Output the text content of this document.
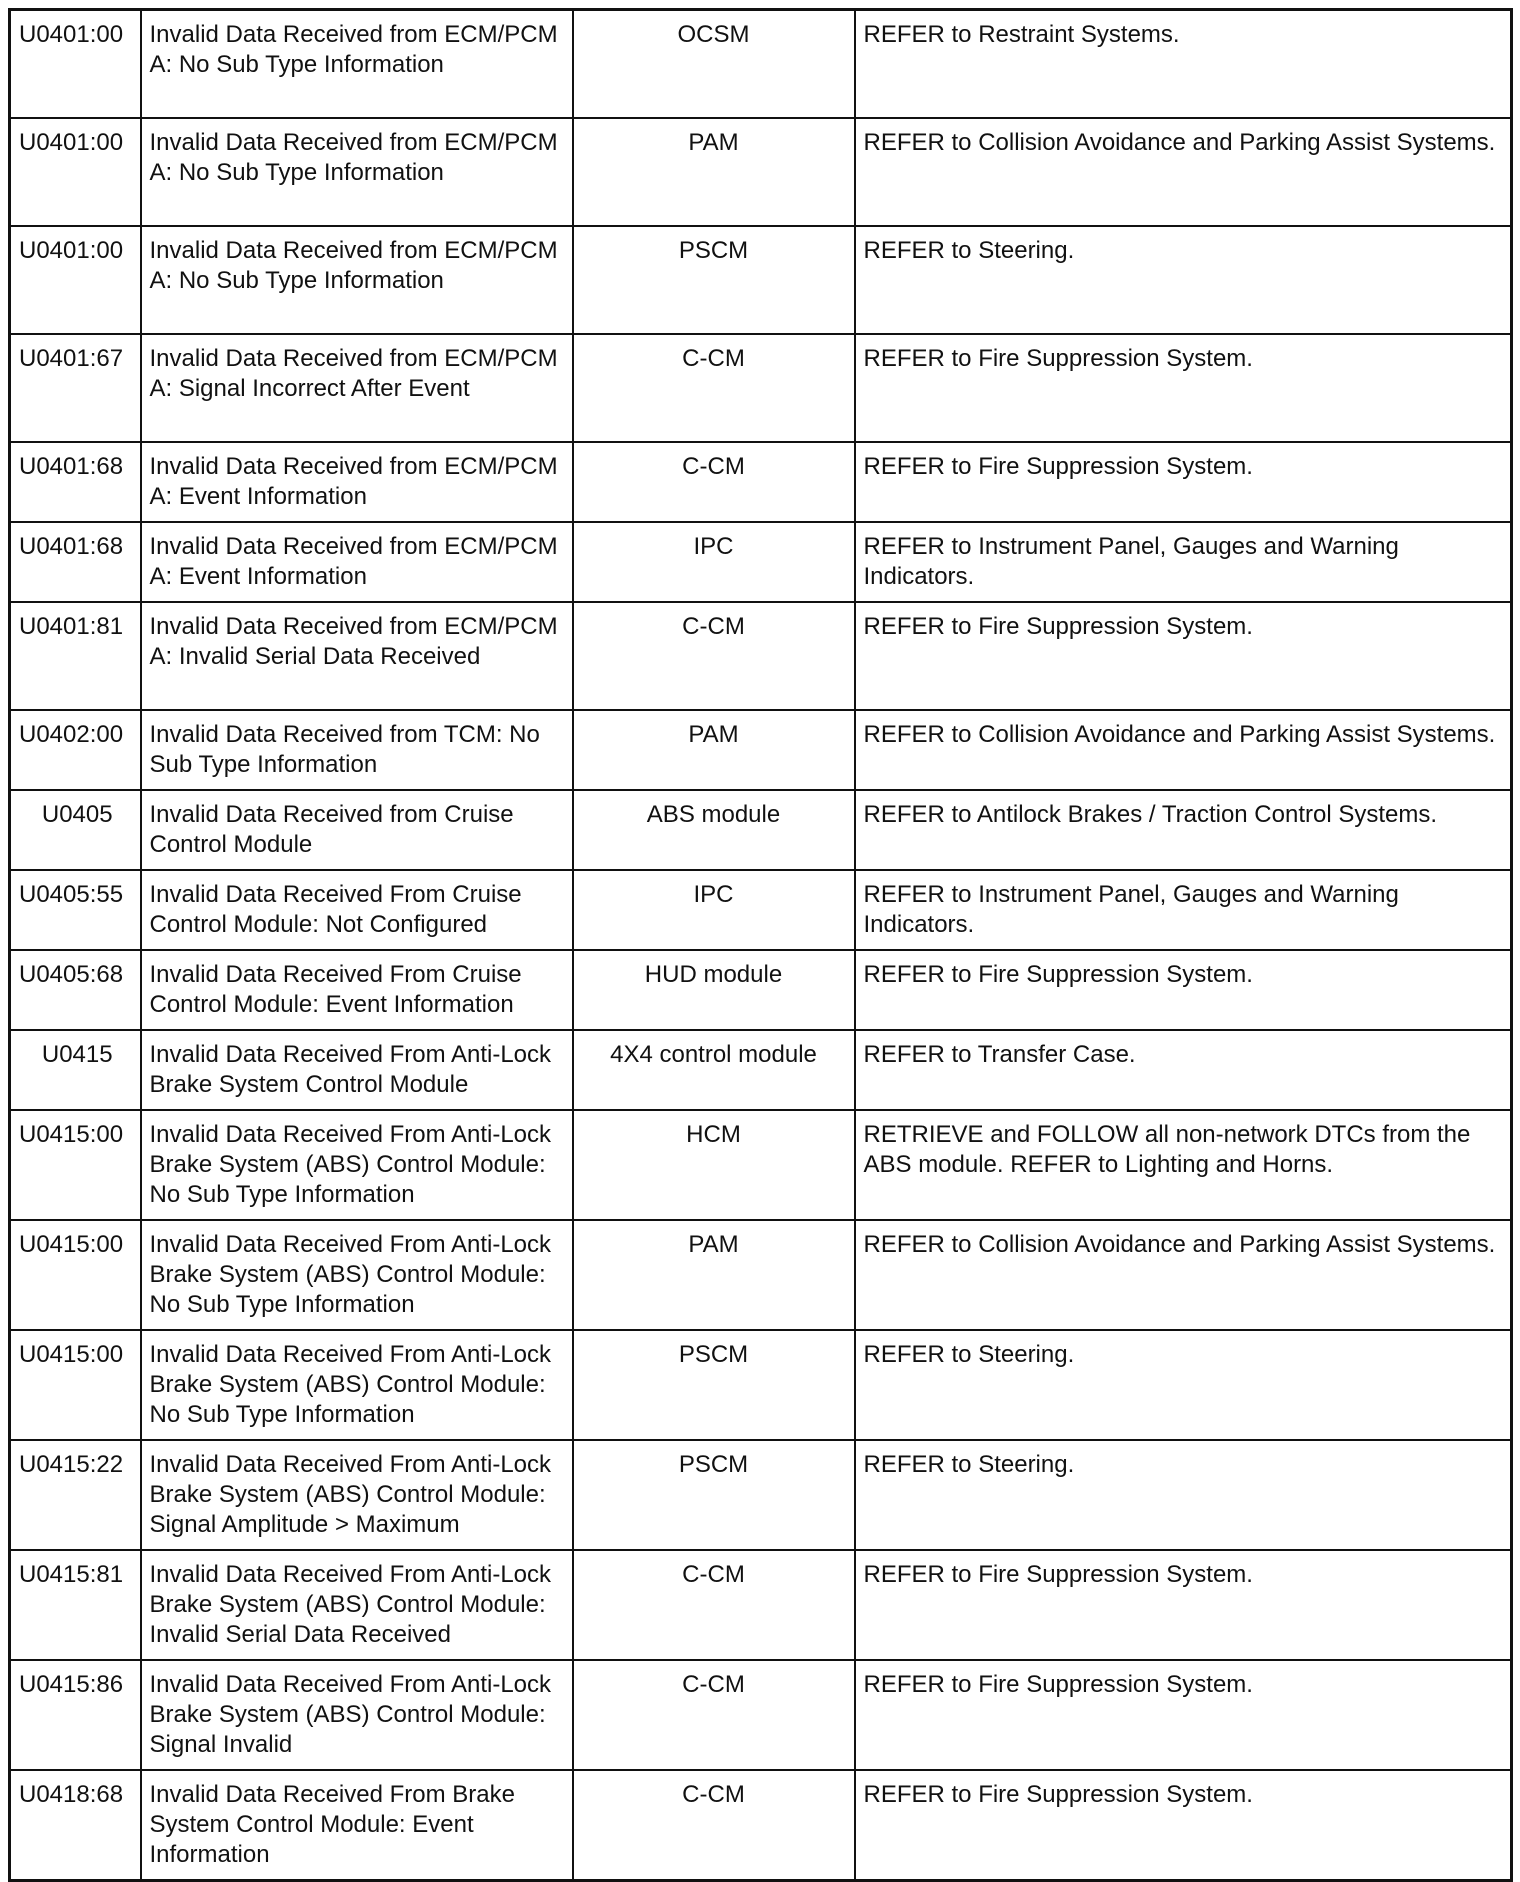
U0401:00	Invalid Data Received from ECM/PCM A: No Sub Type Information	OCSM	REFER to Restraint Systems.
U0401:00	Invalid Data Received from ECM/PCM A: No Sub Type Information	PAM	REFER to Collision Avoidance and Parking Assist Systems.
U0401:00	Invalid Data Received from ECM/PCM A: No Sub Type Information	PSCM	REFER to Steering.
U0401:67	Invalid Data Received from ECM/PCM A: Signal Incorrect After Event	C-CM	REFER to Fire Suppression System.
U0401:68	Invalid Data Received from ECM/PCM A: Event Information	C-CM	REFER to Fire Suppression System.
U0401:68	Invalid Data Received from ECM/PCM A: Event Information	IPC	REFER to Instrument Panel, Gauges and Warning Indicators.
U0401:81	Invalid Data Received from ECM/PCM A: Invalid Serial Data Received	C-CM	REFER to Fire Suppression System.
U0402:00	Invalid Data Received from TCM: No Sub Type Information	PAM	REFER to Collision Avoidance and Parking Assist Systems.
U0405	Invalid Data Received from Cruise Control Module	ABS module	REFER to Antilock Brakes / Traction Control Systems.
U0405:55	Invalid Data Received From Cruise Control Module: Not Configured	IPC	REFER to Instrument Panel, Gauges and Warning Indicators.
U0405:68	Invalid Data Received From Cruise Control Module: Event Information	HUD module	REFER to Fire Suppression System.
U0415	Invalid Data Received From Anti-Lock Brake System Control Module	4X4 control module	REFER to Transfer Case.
U0415:00	Invalid Data Received From Anti-Lock Brake System (ABS) Control Module: No Sub Type Information	HCM	RETRIEVE and FOLLOW all non-network DTCs from the ABS module. REFER to Lighting and Horns.
U0415:00	Invalid Data Received From Anti-Lock Brake System (ABS) Control Module: No Sub Type Information	PAM	REFER to Collision Avoidance and Parking Assist Systems.
U0415:00	Invalid Data Received From Anti-Lock Brake System (ABS) Control Module: No Sub Type Information	PSCM	REFER to Steering.
U0415:22	Invalid Data Received From Anti-Lock Brake System (ABS) Control Module: Signal Amplitude > Maximum	PSCM	REFER to Steering.
U0415:81	Invalid Data Received From Anti-Lock Brake System (ABS) Control Module: Invalid Serial Data Received	C-CM	REFER to Fire Suppression System.
U0415:86	Invalid Data Received From Anti-Lock Brake System (ABS) Control Module: Signal Invalid	C-CM	REFER to Fire Suppression System.
U0418:68	Invalid Data Received From Brake System Control Module: Event Information	C-CM	REFER to Fire Suppression System.
